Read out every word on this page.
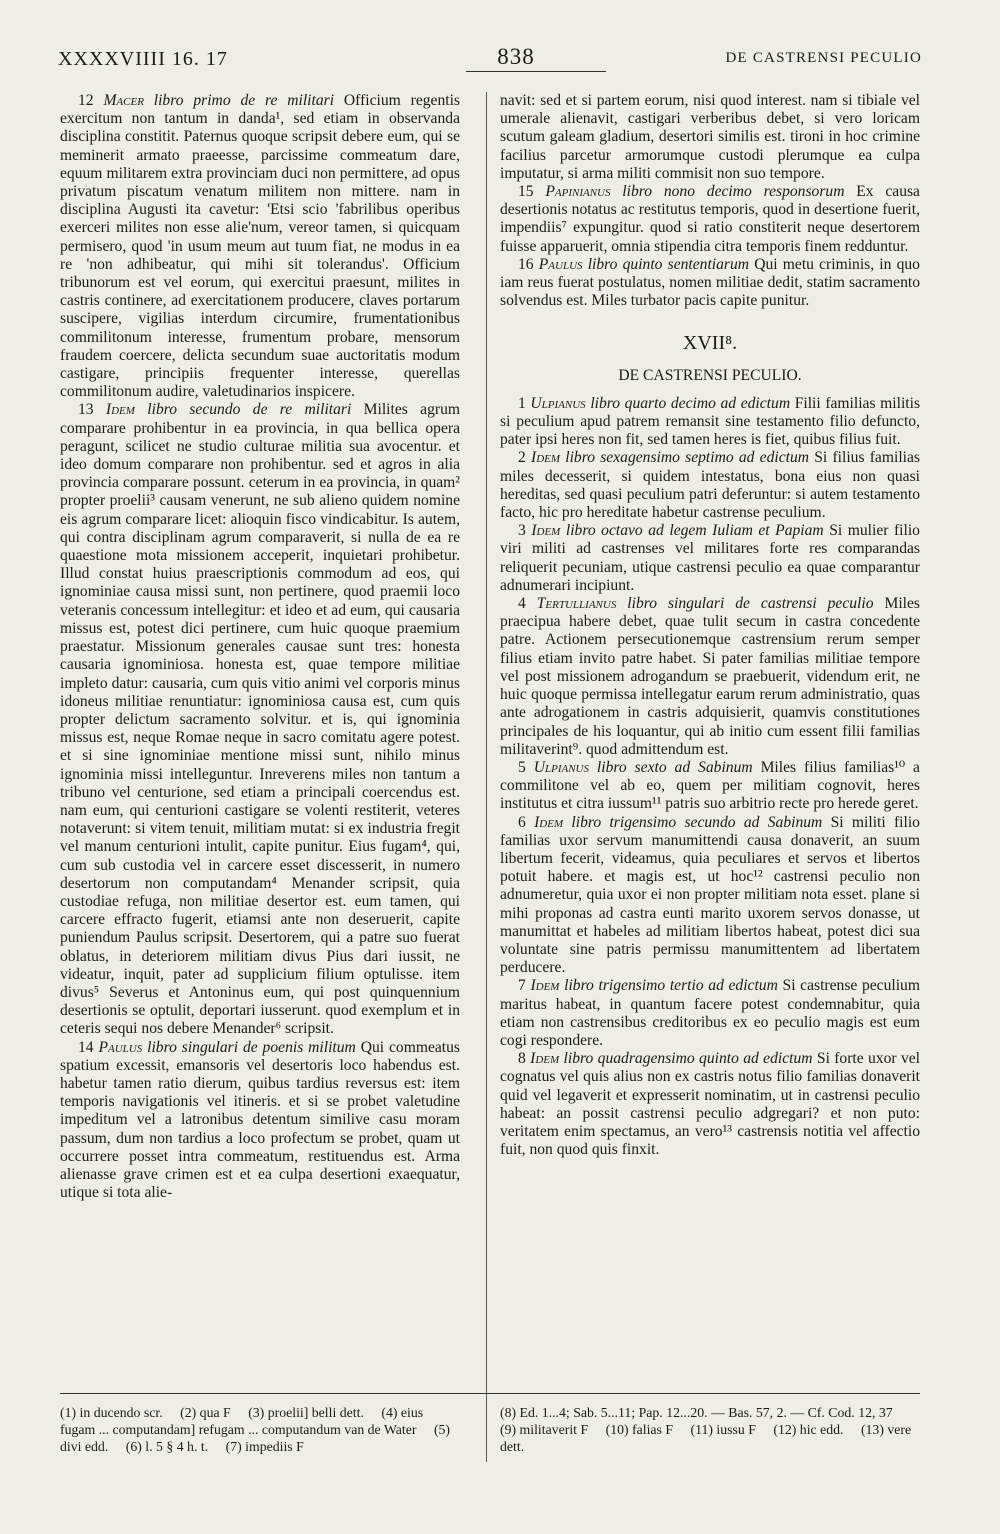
XXXXVIIII 16. 17	838	DE CASTRENSI PECULIO

12 Macer libro primo de re militari Officium regentis exercitum non tantum in danda¹, sed etiam in observanda disciplina constitit. Paternus quoque scripsit debere eum, qui se meminerit armato praeesse, parcissime commeatum dare, equum militarem extra provinciam duci non permittere, ad opus privatum piscatum venatum militem non mittere. nam in disciplina Augusti ita cavetur: 'Etsi scio 'fabrilibus operibus exerceri milites non esse alie'num, vereor tamen, si quicquam permisero, quod 'in usum meum aut tuum fiat, ne modus in ea re 'non adhibeatur, qui mihi sit tolerandus'. Officium tribunorum est vel eorum, qui exercitui praesunt, milites in castris continere, ad exercitationem producere, claves portarum suscipere, vigilias interdum circumire, frumentationibus commilitonum interesse, frumentum probare, mensorum fraudem coercere, delicta secundum suae auctoritatis modum castigare, principiis frequenter interesse, querellas commilitonum audire, valetudinarios inspicere.

13 Idem libro secundo de re militari Milites agrum comparare prohibentur in ea provincia, in qua bellica opera peragunt, scilicet ne studio culturae militia sua avocentur. et ideo domum comparare non prohibentur. sed et agros in alia provincia comparare possunt. ceterum in ea provincia, in quam² propter proelii³ causam venerunt, ne sub alieno quidem nomine eis agrum comparare licet: alioquin fisco vindicabitur. Is autem, qui contra disciplinam agrum comparaverit, si nulla de ea re quaestione mota missionem acceperit, inquietari prohibetur. Illud constat huius praescriptionis commodum ad eos, qui ignominiae causa missi sunt, non pertinere, quod praemii loco veteranis concessum intellegitur: et ideo et ad eum, qui causaria missus est, potest dici pertinere, cum huic quoque praemium praestatur. Missionum generales causae sunt tres: honesta causaria ignominiosa. honesta est, quae tempore militiae impleto datur: causaria, cum quis vitio animi vel corporis minus idoneus militiae renuntiatur: ignominiosa causa est, cum quis propter delictum sacramento solvitur. et is, qui ignominia missus est, neque Romae neque in sacro comitatu agere potest. et si sine ignominiae mentione missi sunt, nihilo minus ignominia missi intelleguntur. Inreverens miles non tantum a tribuno vel centurione, sed etiam a principali coercendus est. nam eum, qui centurioni castigare se volenti restiterit, veteres notaverunt: si vitem tenuit, militiam mutat: si ex industria fregit vel manum centurioni intulit, capite punitur. Eius fugam⁴, qui, cum sub custodia vel in carcere esset discesserit, in numero desertorum non computandam⁴ Menander scripsit, quia custodiae refuga, non militiae desertor est. eum tamen, qui carcere effracto fugerit, etiamsi ante non deseruerit, capite puniendum Paulus scripsit. Desertorem, qui a patre suo fuerat oblatus, in deteriorem militiam divus Pius dari iussit, ne videatur, inquit, pater ad supplicium filium optulisse. item divus⁵ Severus et Antoninus eum, qui post quinquennium desertionis se optulit, deportari iusserunt. quod exemplum et in ceteris sequi nos debere Menander⁶ scripsit.

14 Paulus libro singulari de poenis militum Qui commeatus spatium excessit, emansoris vel desertoris loco habendus est. habetur tamen ratio dierum, quibus tardius reversus est: item temporis navigationis vel itineris. et si se probet valetudine impeditum vel a latronibus detentum similive casu moram passum, dum non tardius a loco profectum se probet, quam ut occurrere posset intra commeatum, restituendus est. Arma alienasse grave crimen est et ea culpa desertioni exaequatur, utique si tota alie-

navit: sed et si partem eorum, nisi quod interest. nam si tibiale vel umerale alienavit, castigari verberibus debet, si vero loricam scutum galeam gladium, desertori similis est. tironi in hoc crimine facilius parcetur armorumque custodi plerumque ea culpa imputatur, si arma militi commisit non suo tempore.

15 Papinianus libro nono decimo responsorum Ex causa desertionis notatus ac restitutus temporis, quod in desertione fuerit, impendiis⁷ expungitur. quod si ratio constiterit neque desertorem fuisse apparuerit, omnia stipendia citra temporis finem redduntur.

16 Paulus libro quinto sententiarum Qui metu criminis, in quo iam reus fuerat postulatus, nomen militiae dedit, statim sacramento solvendus est. Miles turbator pacis capite punitur.

XVII⁸.

DE CASTRENSI PECULIO.

1 Ulpianus libro quarto decimo ad edictum Filii familias militis si peculium apud patrem remansit sine testamento filio defuncto, pater ipsi heres non fit, sed tamen heres is fiet, quibus filius fuit.

2 Idem libro sexagensimo septimo ad edictum Si filius familias miles decesserit, si quidem intestatus, bona eius non quasi hereditas, sed quasi peculium patri deferuntur: si autem testamento facto, hic pro hereditate habetur castrense peculium.

3 Idem libro octavo ad legem Iuliam et Papiam Si mulier filio viri militi ad castrenses vel militares forte res comparandas reliquerit pecuniam, utique castrensi peculio ea quae comparantur adnumerari incipiunt.

4 Tertullianus libro singulari de castrensi peculio Miles praecipua habere debet, quae tulit secum in castra concedente patre. Actionem persecutionemque castrensium rerum semper filius etiam invito patre habet. Si pater familias militiae tempore vel post missionem adrogandum se praebuerit, videndum erit, ne huic quoque permissa intellegatur earum rerum administratio, quas ante adrogationem in castris adquisierit, quamvis constitutiones principales de his loquantur, qui ab initio cum essent filii familias militaverint⁹. quod admittendum est.

5 Ulpianus libro sexto ad Sabinum Miles filius familias¹⁰ a commilitone vel ab eo, quem per militiam cognovit, heres institutus et citra iussum¹¹ patris suo arbitrio recte pro herede geret.

6 Idem libro trigensimo secundo ad Sabinum Si militi filio familias uxor servum manumittendi causa donaverit, an suum libertum fecerit, videamus, quia peculiares et servos et libertos potuit habere. et magis est, ut hoc¹² castrensi peculio non adnumeretur, quia uxor ei non propter militiam nota esset. plane si mihi proponas ad castra eunti marito uxorem servos donasse, ut manumittat et habeles ad militiam libertos habeat, potest dici sua voluntate sine patris permissu manumittentem ad libertatem perducere.

7 Idem libro trigensimo tertio ad edictum Si castrense peculium maritus habeat, in quantum facere potest condemnabitur, quia etiam non castrensibus creditoribus ex eo peculio magis est eum cogi respondere.

8 Idem libro quadragensimo quinto ad edictum Si forte uxor vel cognatus vel quis alius non ex castris notus filio familias donaverit quid vel legaverit et expresserit nominatim, ut in castrensi peculio habeat: an possit castrensi peculio adgregari? et non puto: veritatem enim spectamus, an vero¹³ castrensis notitia vel affectio fuit, non quod quis finxit.

(1) in ducendo scr. (2) qua F (3) proelii] belli dett. (4) eius fugam ... computandam] refugam ... computandum van de Water (5) divi edd. (6) l. 5 § 4 h. t. (7) impediis F
(8) Ed. 1...4; Sab. 5...11; Pap. 12...20. — Bas. 57, 2. — Cf. Cod. 12, 37 (9) militaverit F (10) falias F (11) iussu F (12) hic edd. (13) vere dett.
